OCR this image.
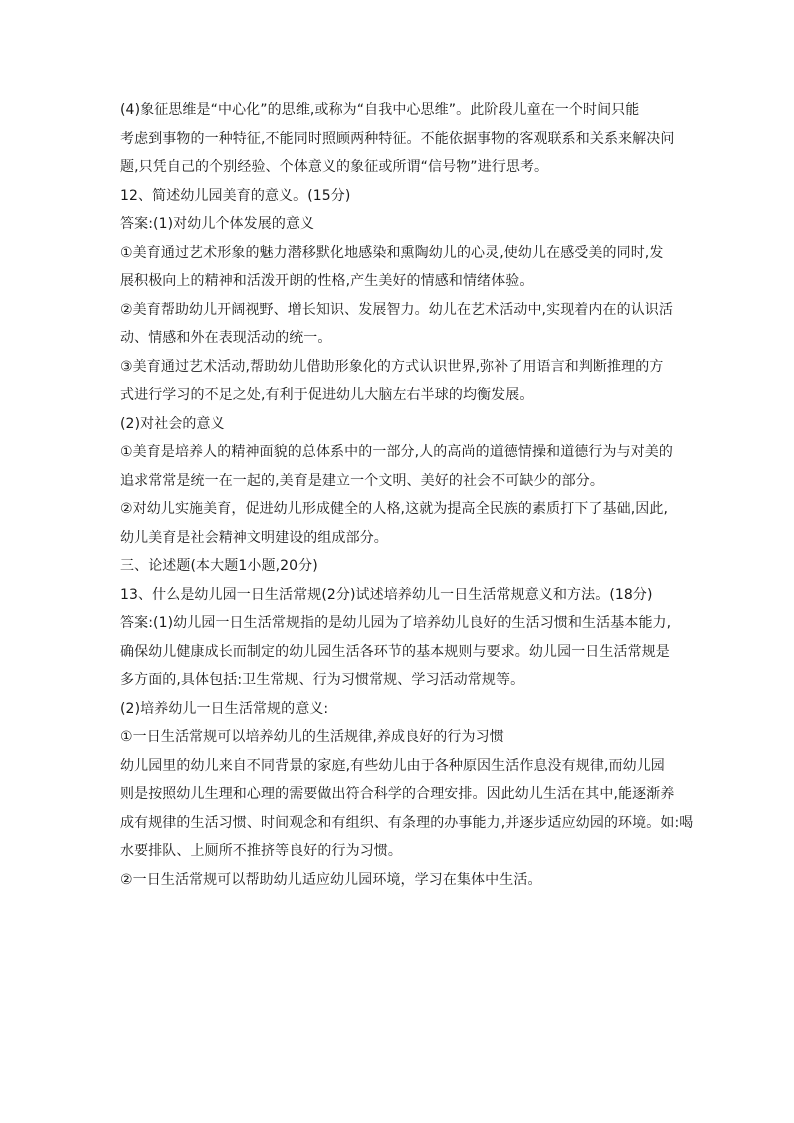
(4)象征思维是“中心化”的思维,或称为“自我中心思维”。此阶段儿童在一个时间只能
考虑到事物的一种特征,不能同时照顾两种特征。不能依据事物的客观联系和关系来解决问
题,只凭自己的个别经验、个体意义的象征或所谓“信号物”进行思考。
12、简述幼儿园美育的意义。(15分)
答案:(1)对幼儿个体发展的意义
①美育通过艺术形象的魅力潜移默化地感染和熏陶幼儿的心灵,使幼儿在感受美的同时,发
展积极向上的精神和活泼开朗的性格,产生美好的情感和情绪体验。
②美育帮助幼儿开阔视野、增长知识、发展智力。幼儿在艺术活动中,实现着内在的认识活
动、情感和外在表现活动的统一。
③美育通过艺术活动,帮助幼儿借助形象化的方式认识世界,弥补了用语言和判断推理的方
式进行学习的不足之处,有利于促进幼儿大脑左右半球的均衡发展。
(2)对社会的意义
①美育是培养人的精神面貌的总体系中的一部分,人的高尚的道德情操和道德行为与对美的
追求常常是统一在一起的,美育是建立一个文明、美好的社会不可缺少的部分。
②对幼儿实施美育，促进幼儿形成健全的人格,这就为提高全民族的素质打下了基础,因此,
幼儿美育是社会精神文明建设的组成部分。
三、论述题(本大题1小题,20分)
13、什么是幼儿园一日生活常规(2分)试述培养幼儿一日生活常规意义和方法。(18分)
答案:(1)幼儿园一日生活常规指的是幼儿园为了培养幼儿良好的生活习惯和生活基本能力,
确保幼儿健康成长而制定的幼儿园生活各环节的基本规则与要求。幼儿园一日生活常规是
多方面的,具体包括:卫生常规、行为习惯常规、学习活动常规等。
(2)培养幼儿一日生活常规的意义:
①一日生活常规可以培养幼儿的生活规律,养成良好的行为习惯
幼儿园里的幼儿来自不同背景的家庭,有些幼儿由于各种原因生活作息没有规律,而幼儿园
则是按照幼儿生理和心理的需要做出符合科学的合理安排。因此幼儿生活在其中,能逐渐养
成有规律的生活习惯、时间观念和有组织、有条理的办事能力,并逐步适应幼园的环境。如:喝
水要排队、上厕所不推挤等良好的行为习惯。
②一日生活常规可以帮助幼儿适应幼儿园环境，学习在集体中生活。
